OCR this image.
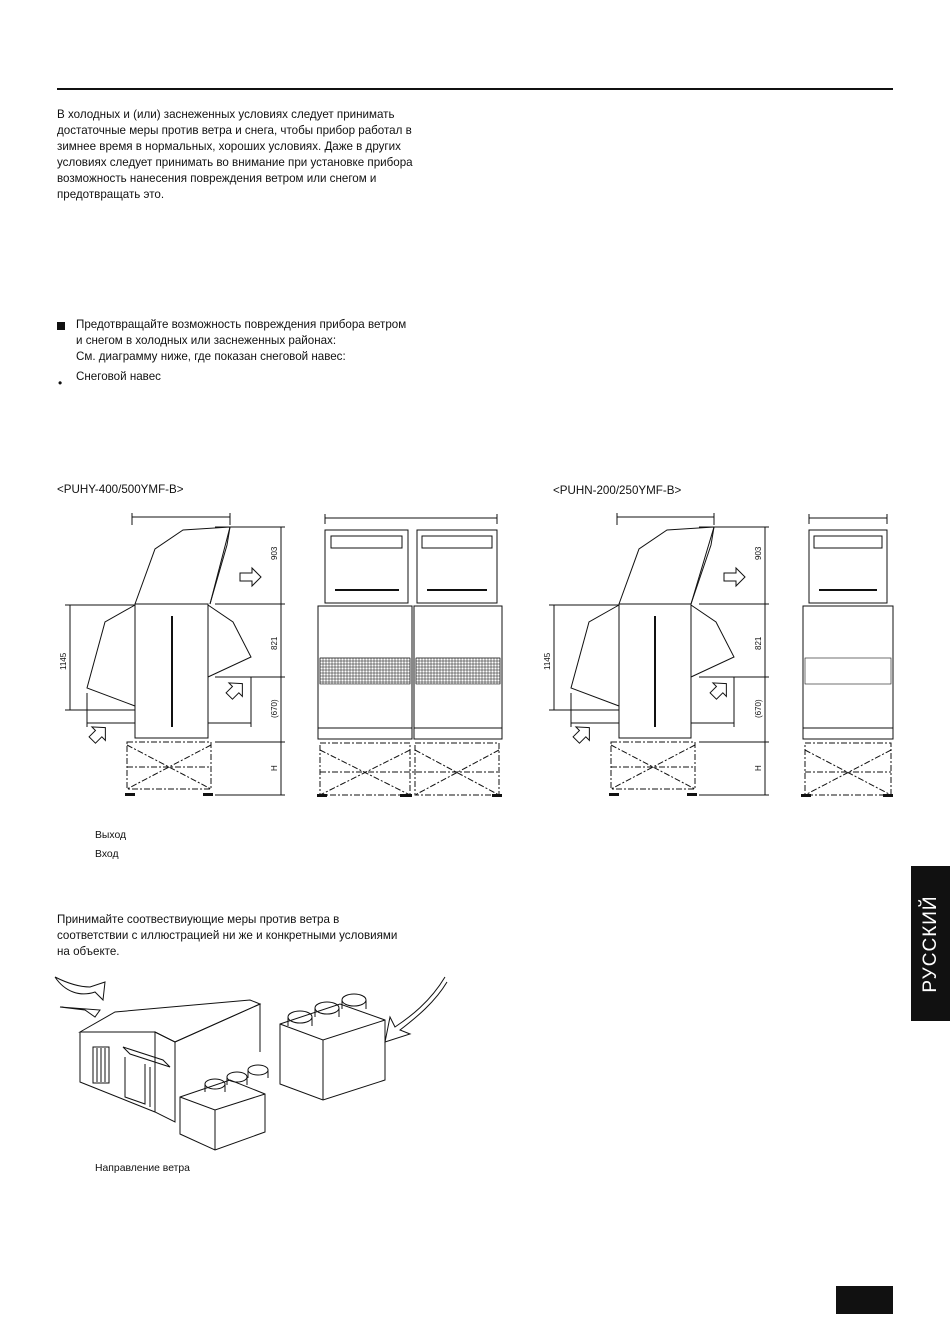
В холодных и (или) заснеженных условиях следует принимать
достаточные меры против ветра и снега, чтобы прибор работал в
зимнее время в нормальных, хороших условиях. Даже в других
условиях следует принимать во внимание при установке прибора
возможность нанесения повреждения ветром или снегом и
предотвращать это.
Предотвращайте возможность повреждения прибора ветром
и снегом в холодных или заснеженных районах:
См. диаграмму ниже, где показан снеговой навес:
• Снеговой навес
<PUHY-400/500YMF-B>	<PUHN-200/250YMF-B>
903
821
(670)
H
1145
903
821
(670)
H
1145
Выход
Вход
Принимайте соотвествиующие меры против ветра в
соответствии с иллюстрацией ни же и конкретными условиями
на объекте.
Направление ветра
РУССКИЙ
